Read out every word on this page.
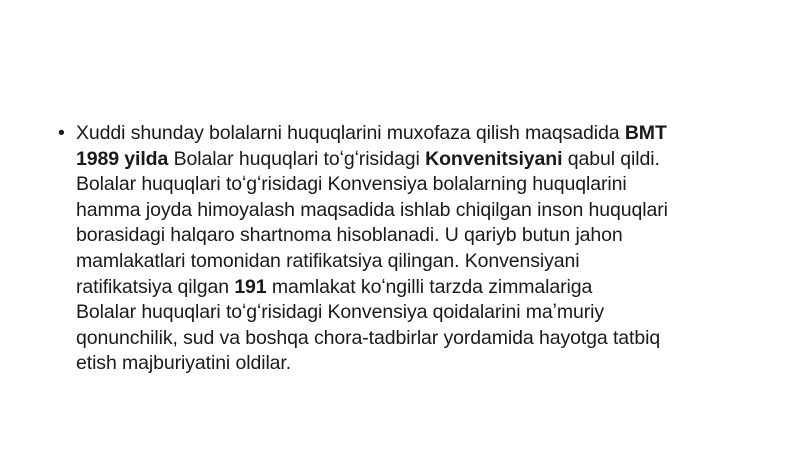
• Xuddi shunday bolalarni huquqlarini muxofaza qilish maqsadida BMT
1989 yilda Bolalar huquqlari toʻgʻrisidagi Konvenitsiyani qabul qildi.
Bolalar huquqlari toʻgʻrisidagi Konvensiya bolalarning huquqlarini
hamma joyda himoyalash maqsadida ishlab chiqilgan inson huquqlari
borasidagi halqaro shartnoma hisoblanadi. U qariyb butun jahon
mamlakatlari tomonidan ratifikatsiya qilingan. Konvensiyani
ratifikatsiya qilgan 191 mamlakat koʻngilli tarzda zimmalariga
Bolalar huquqlari toʻgʻrisidagi Konvensiya qoidalarini maʼmuriy
qonunchilik, sud va boshqa chora-tadbirlar yordamida hayotga tatbiq
etish majburiyatini oldilar.
